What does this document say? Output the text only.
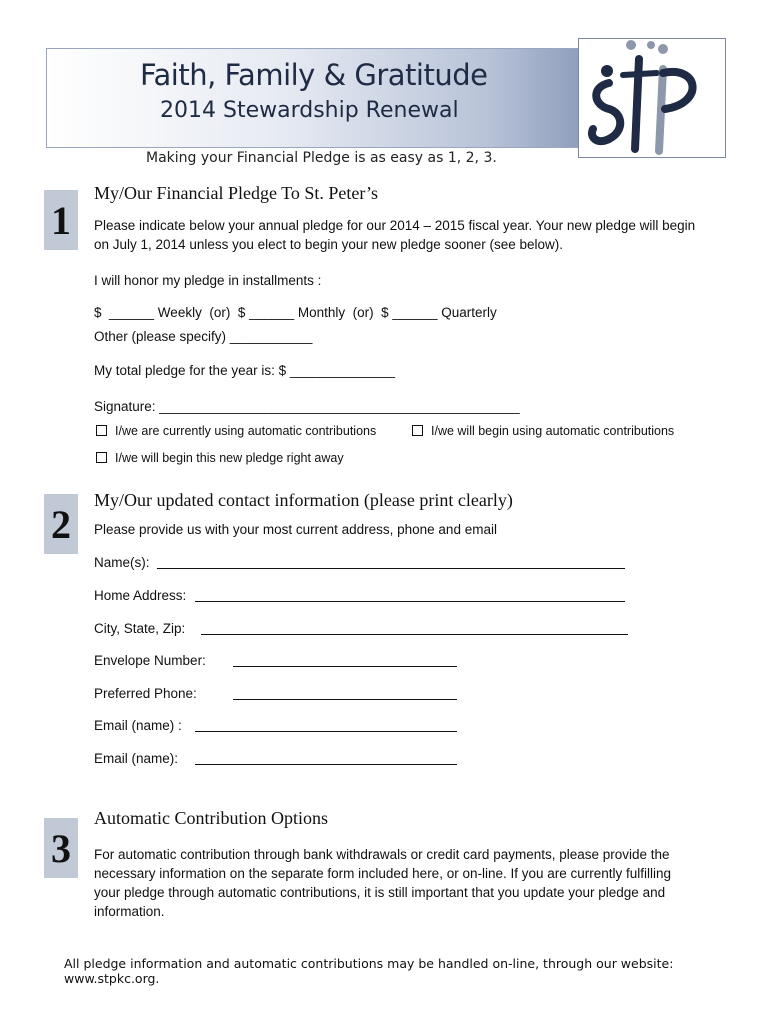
Faith, Family & Gratitude
2014 Stewardship Renewal
Making your Financial Pledge is as easy as 1, 2, 3.
1
My/Our Financial Pledge To St. Peter’s
Please indicate below your annual pledge for our 2014 – 2015 fiscal year. Your new pledge will begin
on July 1, 2014 unless you elect to begin your new pledge sooner (see below).
I will honor my pledge in installments :
$  ______ Weekly  (or)  $ ______ Monthly  (or)  $ ______ Quarterly
Other (please specify) ___________
My total pledge for the year is: $ ______________
Signature: ________________________________________________
I/we are currently using automatic contributions	I/we will begin using automatic contributions
I/we will begin this new pledge right away
2
My/Our updated contact information (please print clearly)
Please provide us with your most current address, phone and email
Name(s):
Home Address:
City, State, Zip:
Envelope Number:
Preferred Phone:
Email (name) :
Email (name):
3
Automatic Contribution Options
For automatic contribution through bank withdrawals or credit card payments, please provide the
necessary information on the separate form included here, or on-line. If you are currently fulfilling
your pledge through automatic contributions, it is still important that you update your pledge and
information.
All pledge information and automatic contributions may be handled on-line, through our website: www.stpkc.org.
